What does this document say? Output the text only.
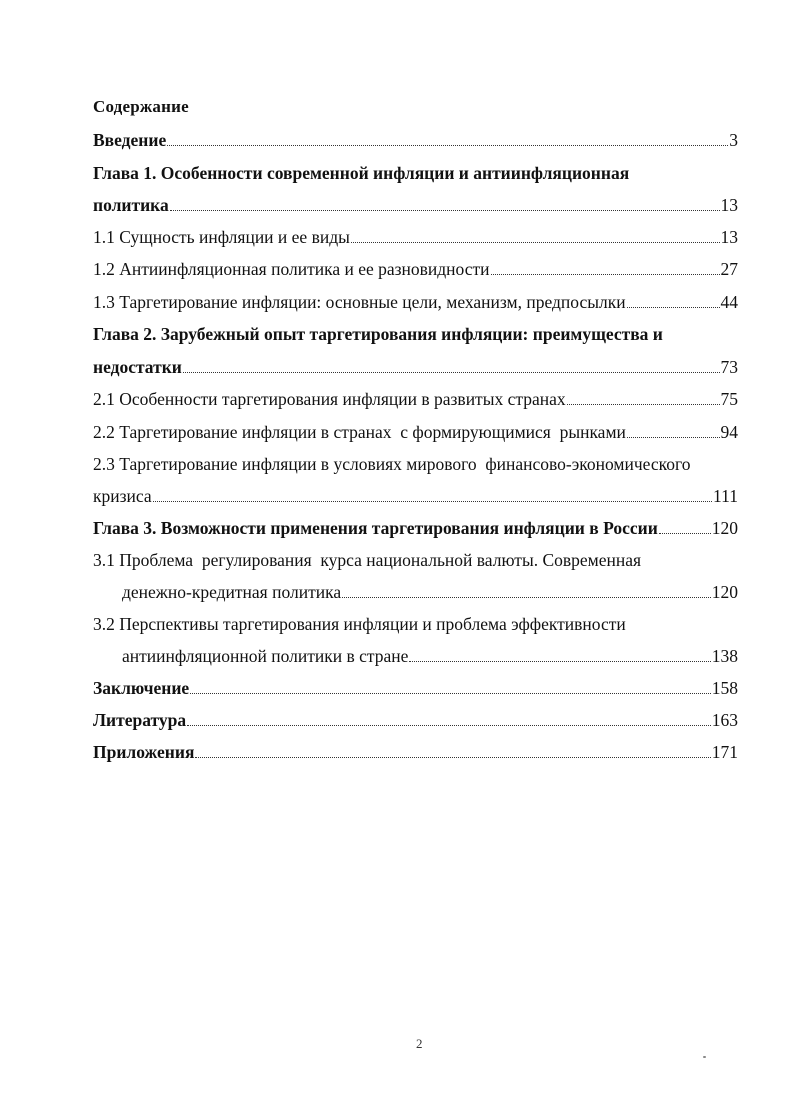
Содержание
Введение	3
Глава 1. Особенности современной инфляции и антиинфляционная
политика	13
1.1 Сущность инфляции и ее виды	13
1.2 Антиинфляционная политика и ее разновидности	27
1.3 Таргетирование инфляции: основные цели, механизм, предпосылки	44
Глава 2. Зарубежный опыт таргетирования инфляции: преимущества и
недостатки	73
2.1 Особенности таргетирования инфляции в развитых странах	75
2.2 Таргетирование инфляции в странах  с формирующимися  рынками	94
2.3 Таргетирование инфляции в условиях мирового  финансово-экономического
кризиса	111
Глава 3. Возможности применения таргетирования инфляции в России	120
3.1 Проблема  регулирования  курса национальной валюты. Современная
денежно-кредитная политика	120
3.2 Перспективы таргетирования инфляции и проблема эффективности
антиинфляционной политики в стране	138
Заключение	158
Литература	163
Приложения	171
2
